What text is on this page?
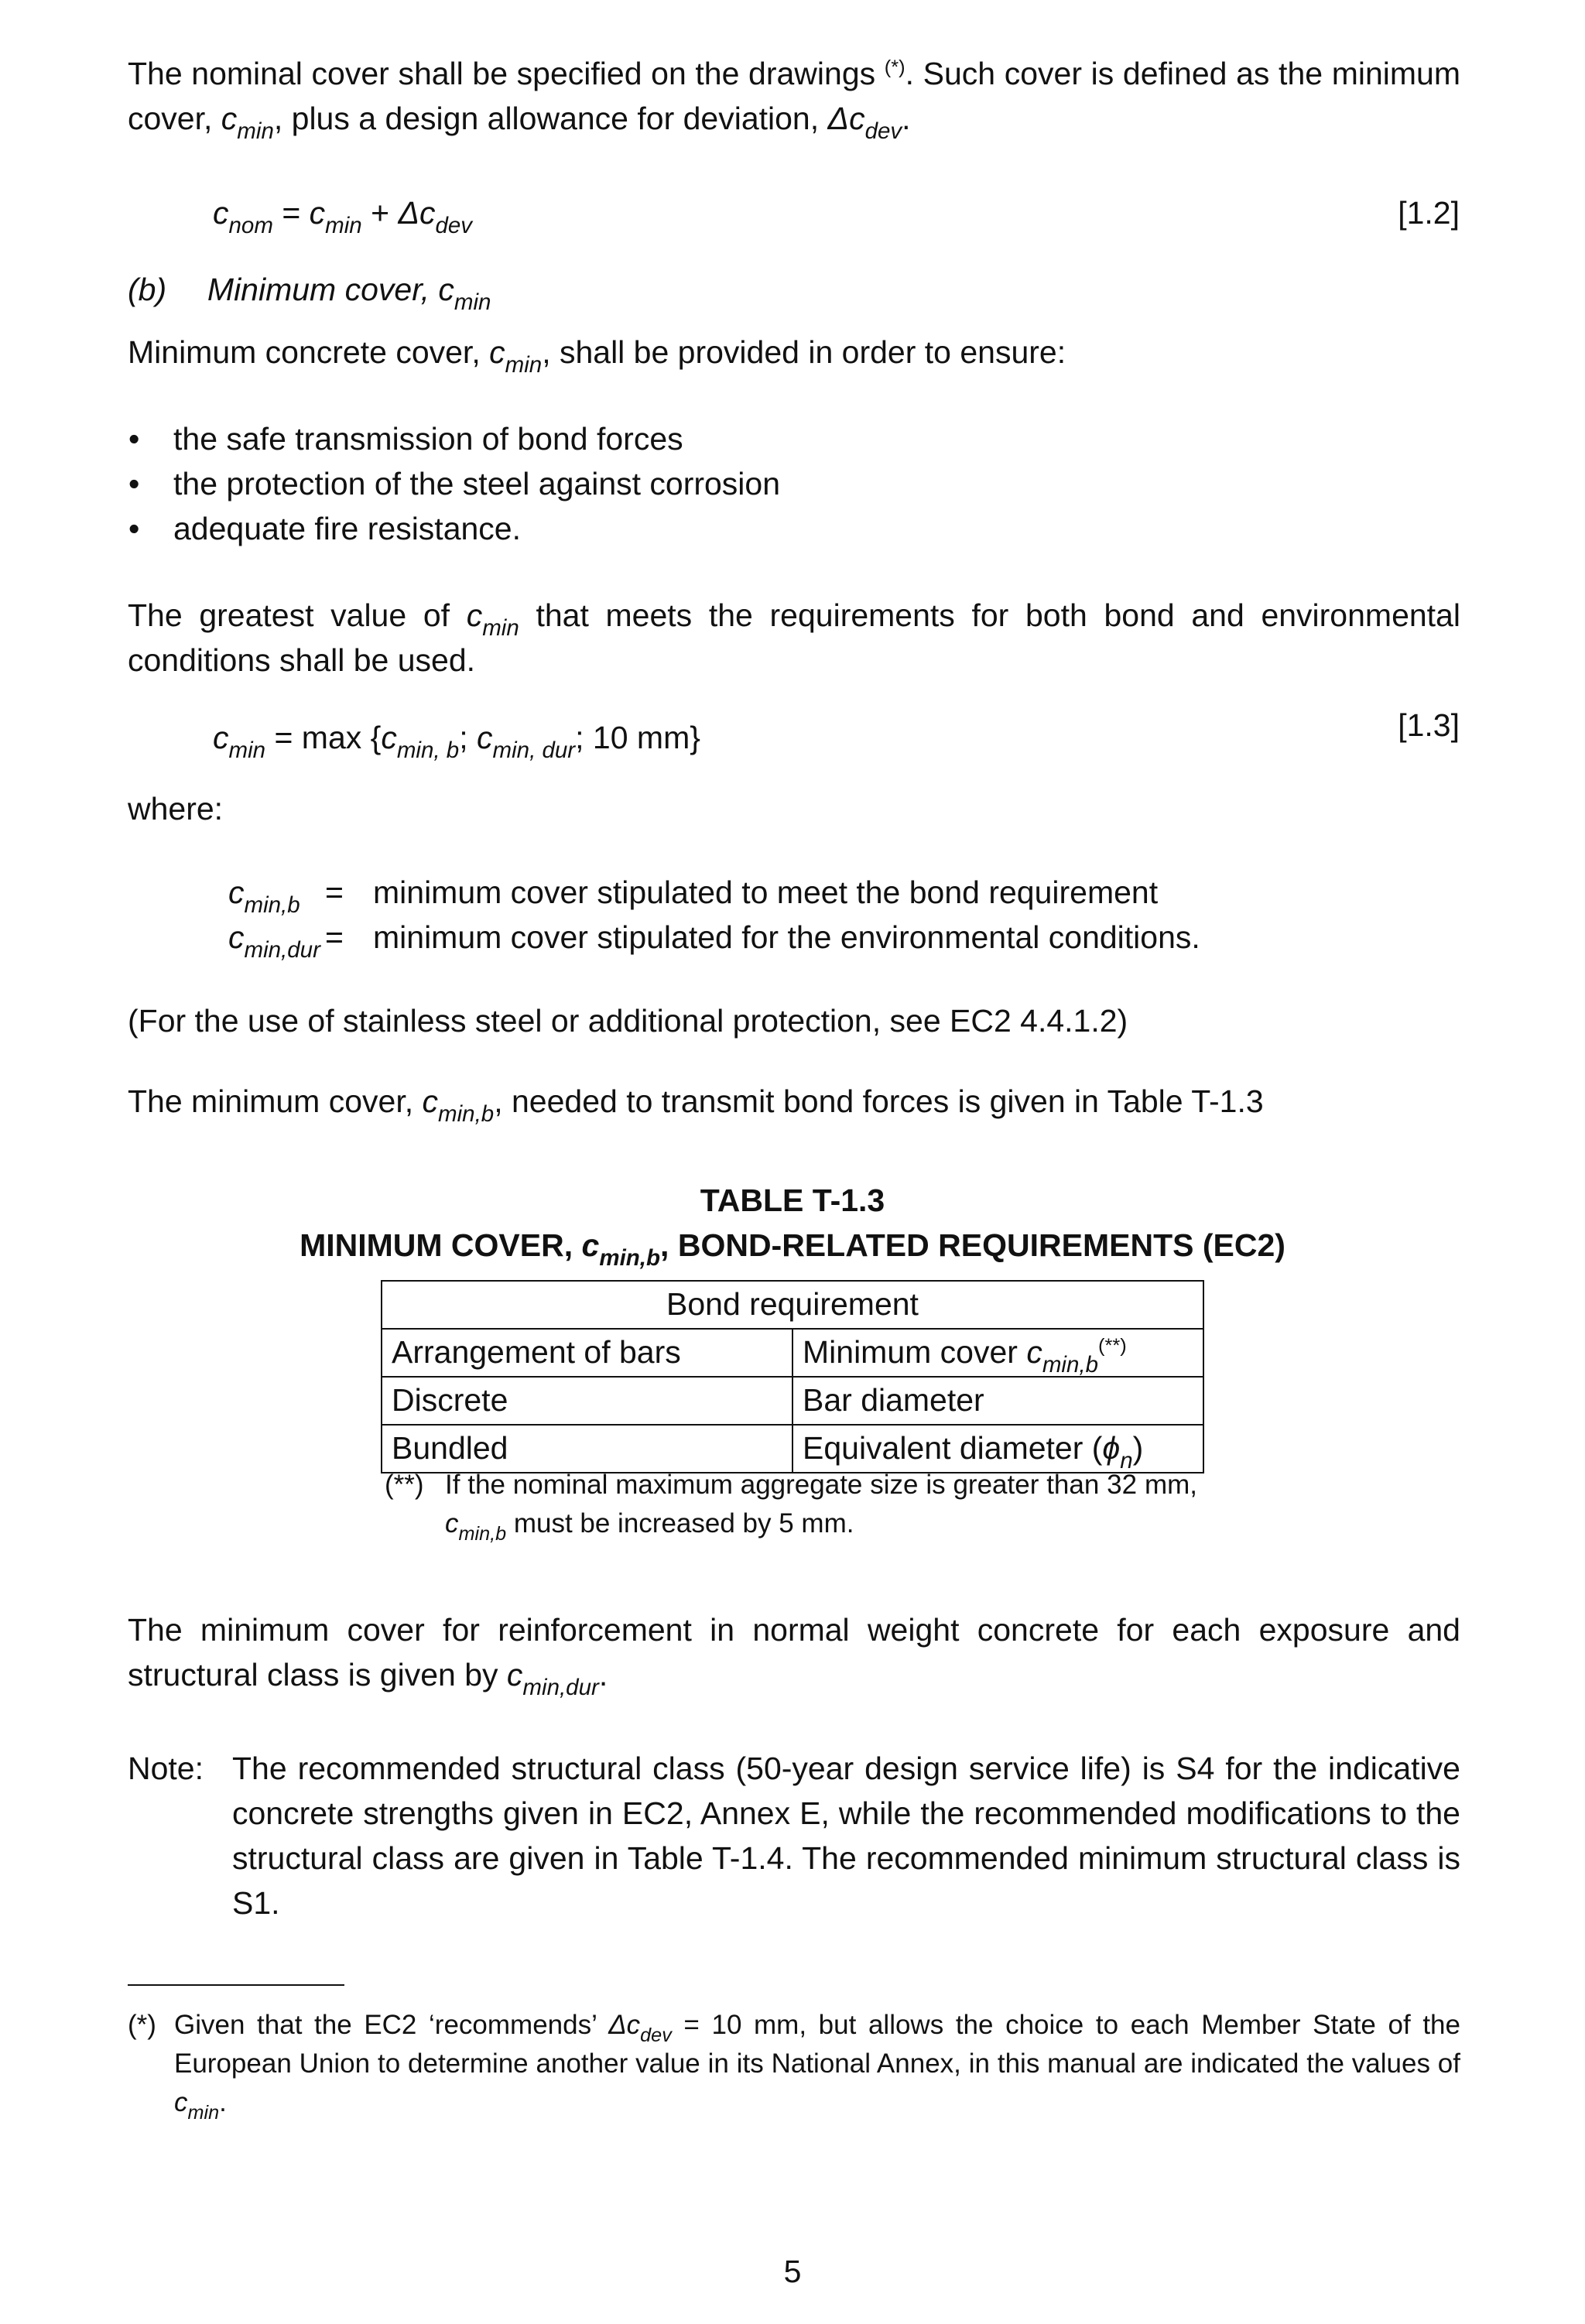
The nominal cover shall be specified on the drawings (*). Such cover is defined as the minimum cover, $c_{min}$, plus a design allowance for deviation, $\Delta c_{dev}$.
$c_{nom} = c_{min} + \Delta c_{dev}$	[1.2]
(b) Minimum cover, $c_{min}$
Minimum concrete cover, $c_{min}$, shall be provided in order to ensure:
• the safe transmission of bond forces
• the protection of the steel against corrosion
• adequate fire resistance.
The greatest value of $c_{min}$ that meets the requirements for both bond and environmental conditions shall be used.
$c_{min} = \max \{c_{min, b}$; $c_{min, dur}$; 10 mm}	[1.3]
where:
$c_{min,b}$ = minimum cover stipulated to meet the bond requirement
$c_{min,dur}$ = minimum cover stipulated for the environmental conditions.
(For the use of stainless steel or additional protection, see EC2 4.4.1.2)
The minimum cover, $c_{min,b}$, needed to transmit bond forces is given in Table T-1.3
TABLE T-1.3
MINIMUM COVER, $c_{min,b}$, BOND-RELATED REQUIREMENTS (EC2)
Bond requirement	
Arrangement of bars	Minimum cover $c_{min,b}^{(**)}$
Discrete	Bar diameter
Bundled	Equivalent diameter $(\phi_n)$
(**) If the nominal maximum aggregate size is greater than 32 mm, $c_{min,b}$ must be increased by 5 mm.
The minimum cover for reinforcement in normal weight concrete for each exposure and structural class is given by $c_{min,dur}$.
Note: The recommended structural class (50-year design service life) is S4 for the indicative concrete strengths given in EC2, Annex E, while the recommended modifications to the structural class are given in Table T-1.4. The recommended minimum structural class is S1.
(*) Given that the EC2 ‘recommends’ $\Delta c_{dev} = 10$ mm, but allows the choice to each Member State of the European Union to determine another value in its National Annex, in this manual are indicated the values of $c_{min}$.
5
